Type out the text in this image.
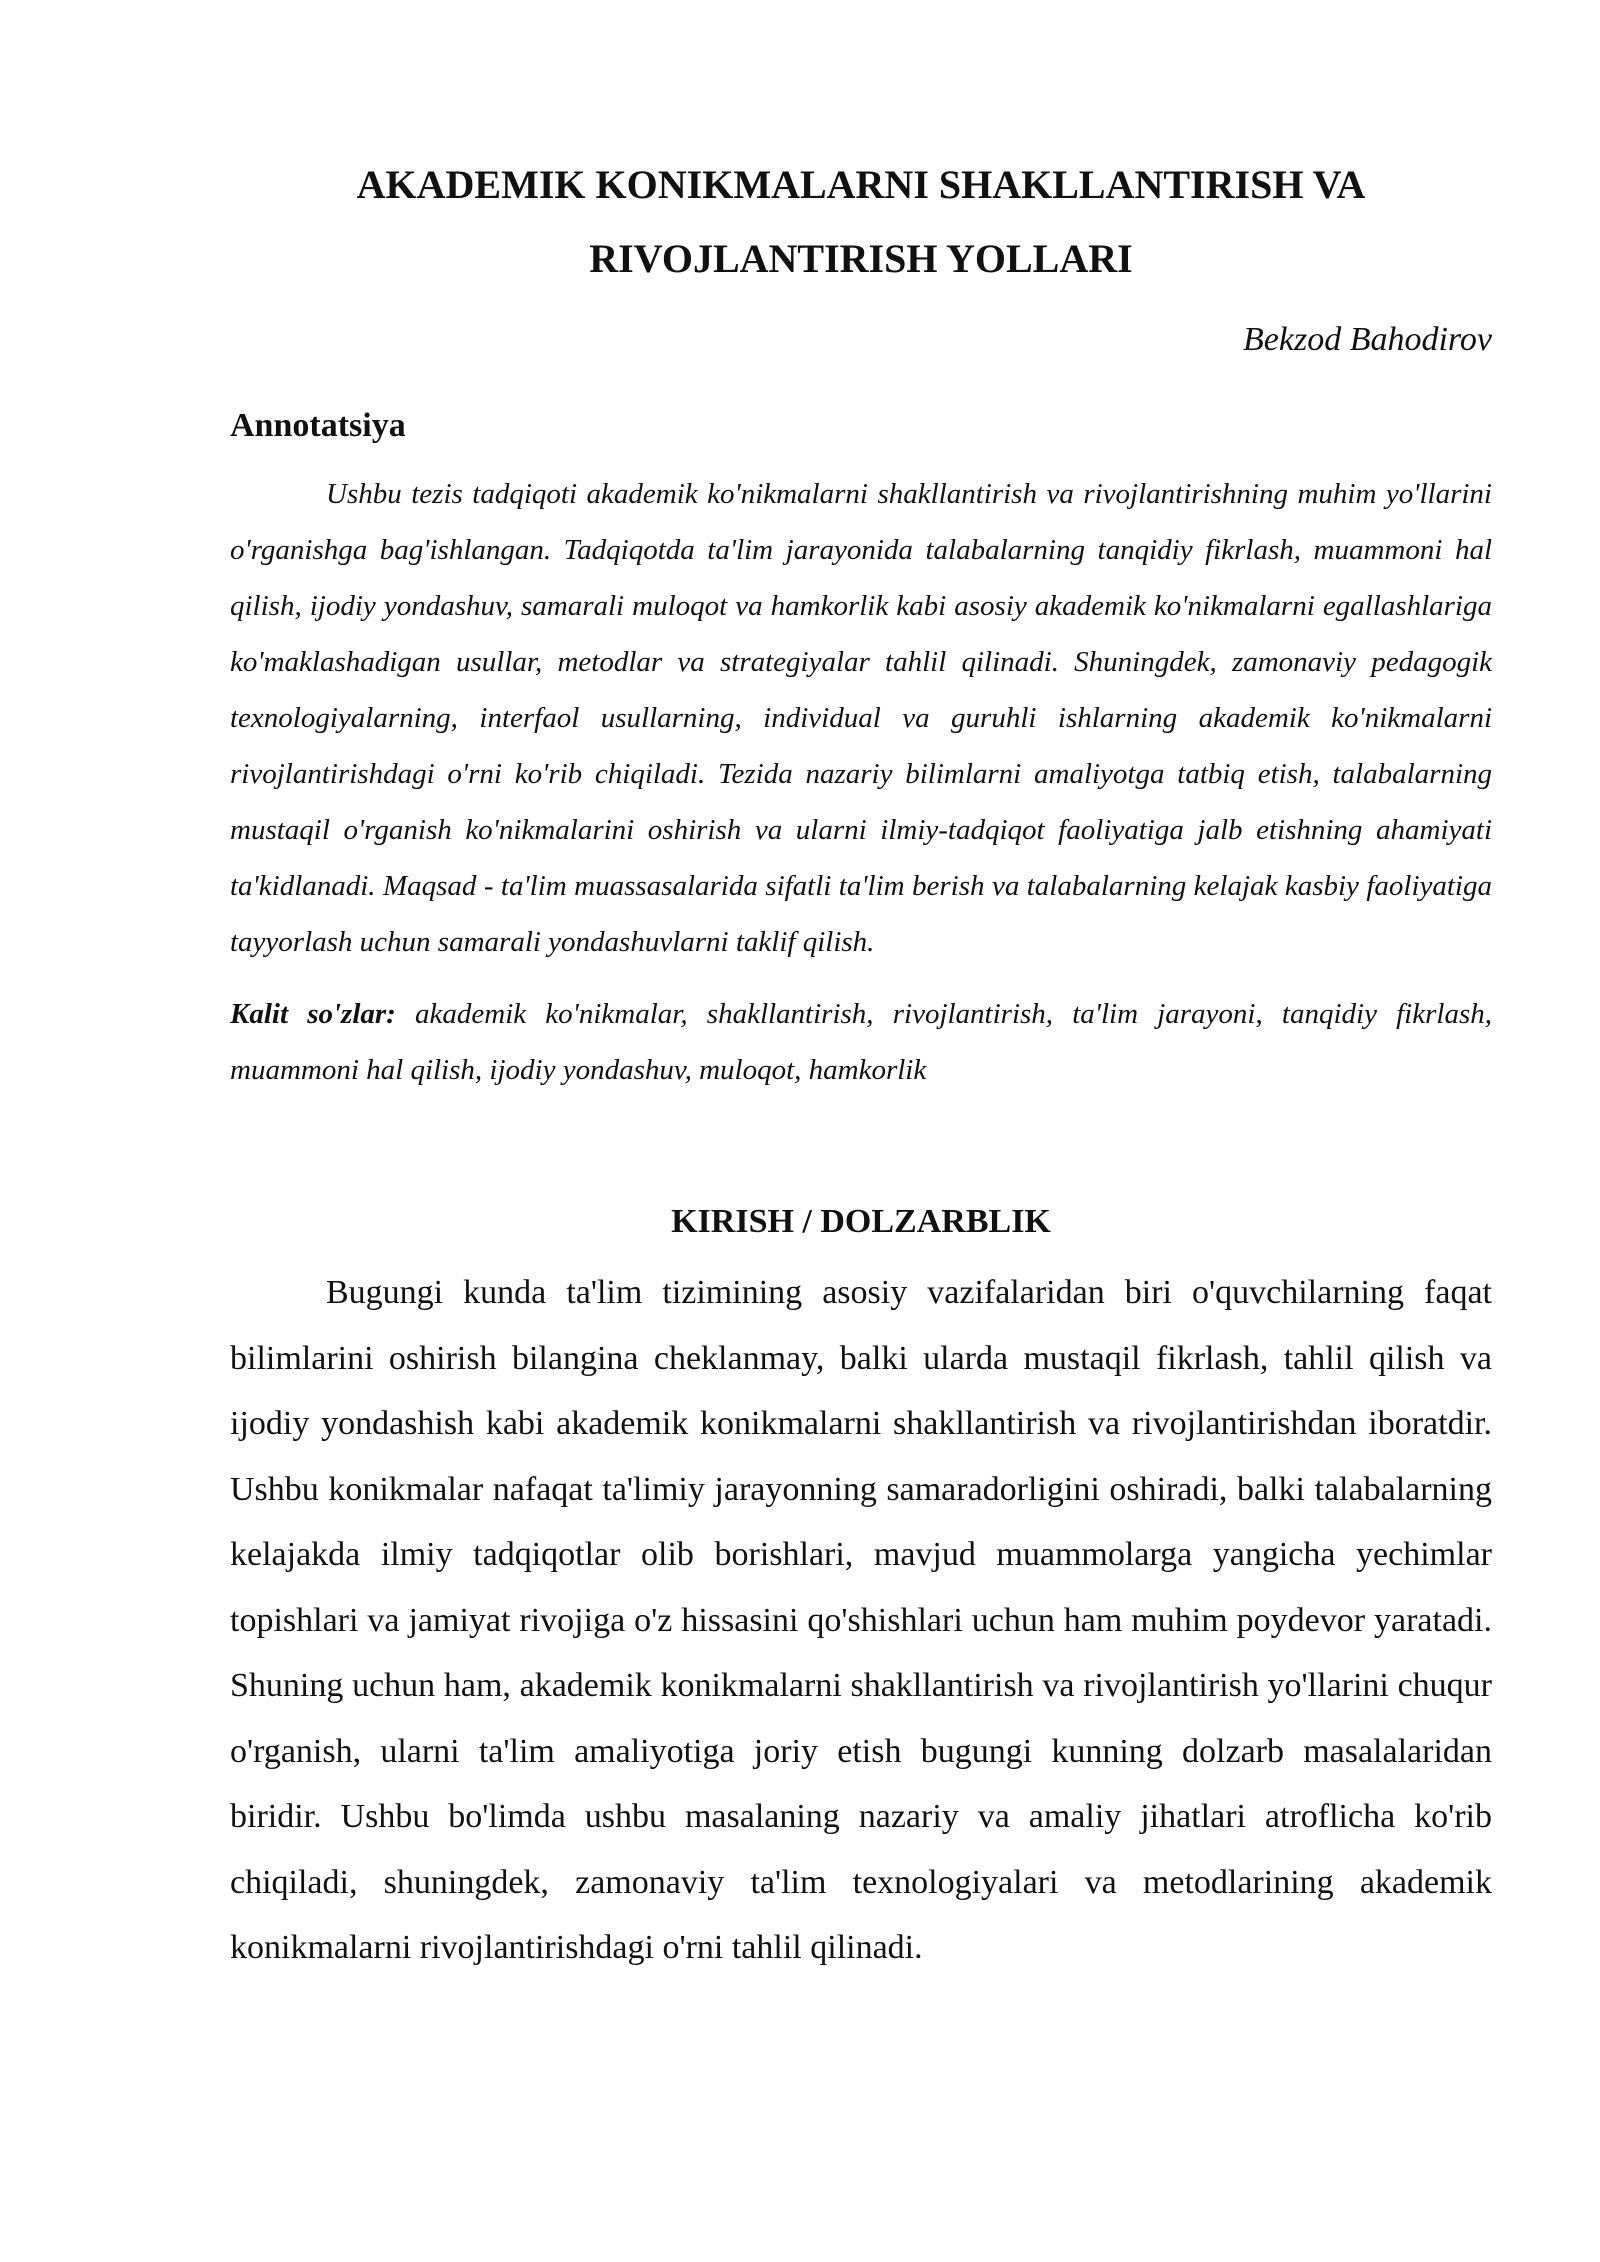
AKADEMIK KONIKMALARNI SHAKLLANTIRISH VA RIVOJLANTIRISH YOLLARI

Bekzod Bahodirov

Annotatsiya

Ushbu tezis tadqiqoti akademik ko'nikmalarni shakllantirish va rivojlantirishning muhim yo'llarini o'rganishga bag'ishlangan. Tadqiqotda ta'lim jarayonida talabalarning tanqidiy fikrlash, muammoni hal qilish, ijodiy yondashuv, samarali muloqot va hamkorlik kabi asosiy akademik ko'nikmalarni egallashlariga ko'maklashadigan usullar, metodlar va strategiyalar tahlil qilinadi. Shuningdek, zamonaviy pedagogik texnologiyalarning, interfaol usullarning, individual va guruhli ishlarning akademik ko'nikmalarni rivojlantirishdagi o'rni ko'rib chiqiladi. Tezida nazariy bilimlarni amaliyotga tatbiq etish, talabalarning mustaqil o'rganish ko'nikmalarini oshirish va ularni ilmiy-tadqiqot faoliyatiga jalb etishning ahamiyati ta'kidlanadi. Maqsad - ta'lim muassasalarida sifatli ta'lim berish va talabalarning kelajak kasbiy faoliyatiga tayyorlash uchun samarali yondashuvlarni taklif qilish.

Kalit so'zlar: akademik ko'nikmalar, shakllantirish, rivojlantirish, ta'lim jarayoni, tanqidiy fikrlash, muammoni hal qilish, ijodiy yondashuv, muloqot, hamkorlik

KIRISH / DOLZARBLIK

Bugungi kunda ta'lim tizimining asosiy vazifalaridan biri o'quvchilarning faqat bilimlarini oshirish bilangina cheklanmay, balki ularda mustaqil fikrlash, tahlil qilish va ijodiy yondashish kabi akademik konikmalarni shakllantirish va rivojlantirishdan iboratdir. Ushbu konikmalar nafaqat ta'limiy jarayonning samaradorligini oshiradi, balki talabalarning kelajakda ilmiy tadqiqotlar olib borishlari, mavjud muammolarga yangicha yechimlar topishlari va jamiyat rivojiga o'z hissasini qo'shishlari uchun ham muhim poydevor yaratadi. Shuning uchun ham, akademik konikmalarni shakllantirish va rivojlantirish yo'llarini chuqur o'rganish, ularni ta'lim amaliyotiga joriy etish bugungi kunning dolzarb masalalaridan biridir. Ushbu bo'limda ushbu masalaning nazariy va amaliy jihatlari atroflicha ko'rib chiqiladi, shuningdek, zamonaviy ta'lim texnologiyalari va metodlarining akademik konikmalarni rivojlantirishdagi o'rni tahlil qilinadi.
